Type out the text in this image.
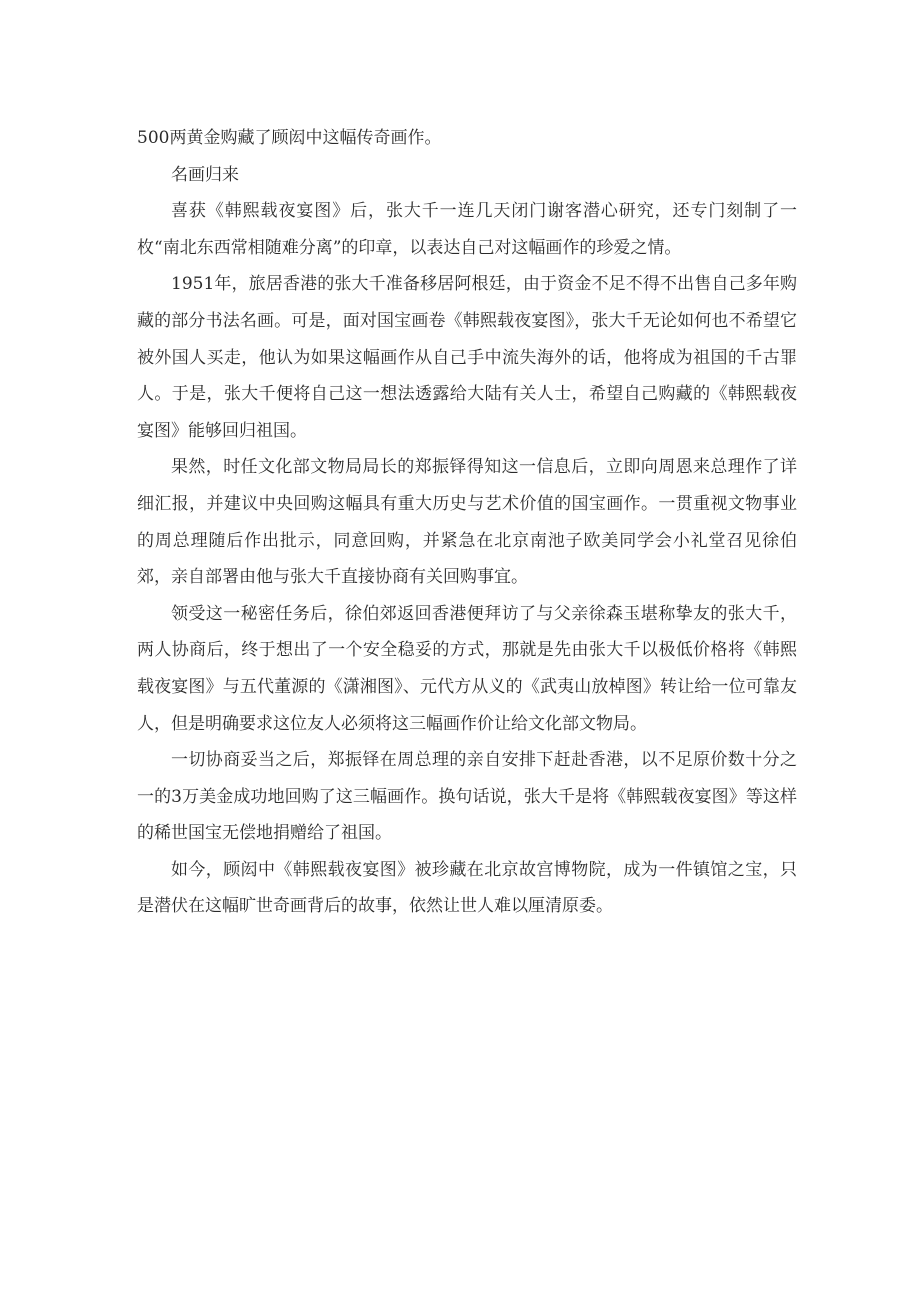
500两黄金购藏了顾闳中这幅传奇画作。

名画归来

喜获《韩熙载夜宴图》后，张大千一连几天闭门谢客潜心研究，还专门刻制了一枚“南北东西常相随难分离”的印章，以表达自己对这幅画作的珍爱之情。

1951年，旅居香港的张大千准备移居阿根廷，由于资金不足不得不出售自己多年购藏的部分书法名画。可是，面对国宝画卷《韩熙载夜宴图》，张大千无论如何也不希望它被外国人买走，他认为如果这幅画作从自己手中流失海外的话，他将成为祖国的千古罪人。于是，张大千便将自己这一想法透露给大陆有关人士，希望自己购藏的《韩熙载夜宴图》能够回归祖国。

果然，时任文化部文物局局长的郑振铎得知这一信息后，立即向周恩来总理作了详细汇报，并建议中央回购这幅具有重大历史与艺术价值的国宝画作。一贯重视文物事业的周总理随后作出批示，同意回购，并紧急在北京南池子欧美同学会小礼堂召见徐伯郊，亲自部署由他与张大千直接协商有关回购事宜。

领受这一秘密任务后，徐伯郊返回香港便拜访了与父亲徐森玉堪称挚友的张大千，两人协商后，终于想出了一个安全稳妥的方式，那就是先由张大千以极低价格将《韩熙载夜宴图》与五代董源的《潇湘图》、元代方从义的《武夷山放棹图》转让给一位可靠友人，但是明确要求这位友人必须将这三幅画作价让给文化部文物局。

一切协商妥当之后，郑振铎在周总理的亲自安排下赶赴香港，以不足原价数十分之一的3万美金成功地回购了这三幅画作。换句话说，张大千是将《韩熙载夜宴图》等这样的稀世国宝无偿地捐赠给了祖国。

如今，顾闳中《韩熙载夜宴图》被珍藏在北京故宫博物院，成为一件镇馆之宝，只是潜伏在这幅旷世奇画背后的故事，依然让世人难以厘清原委。
